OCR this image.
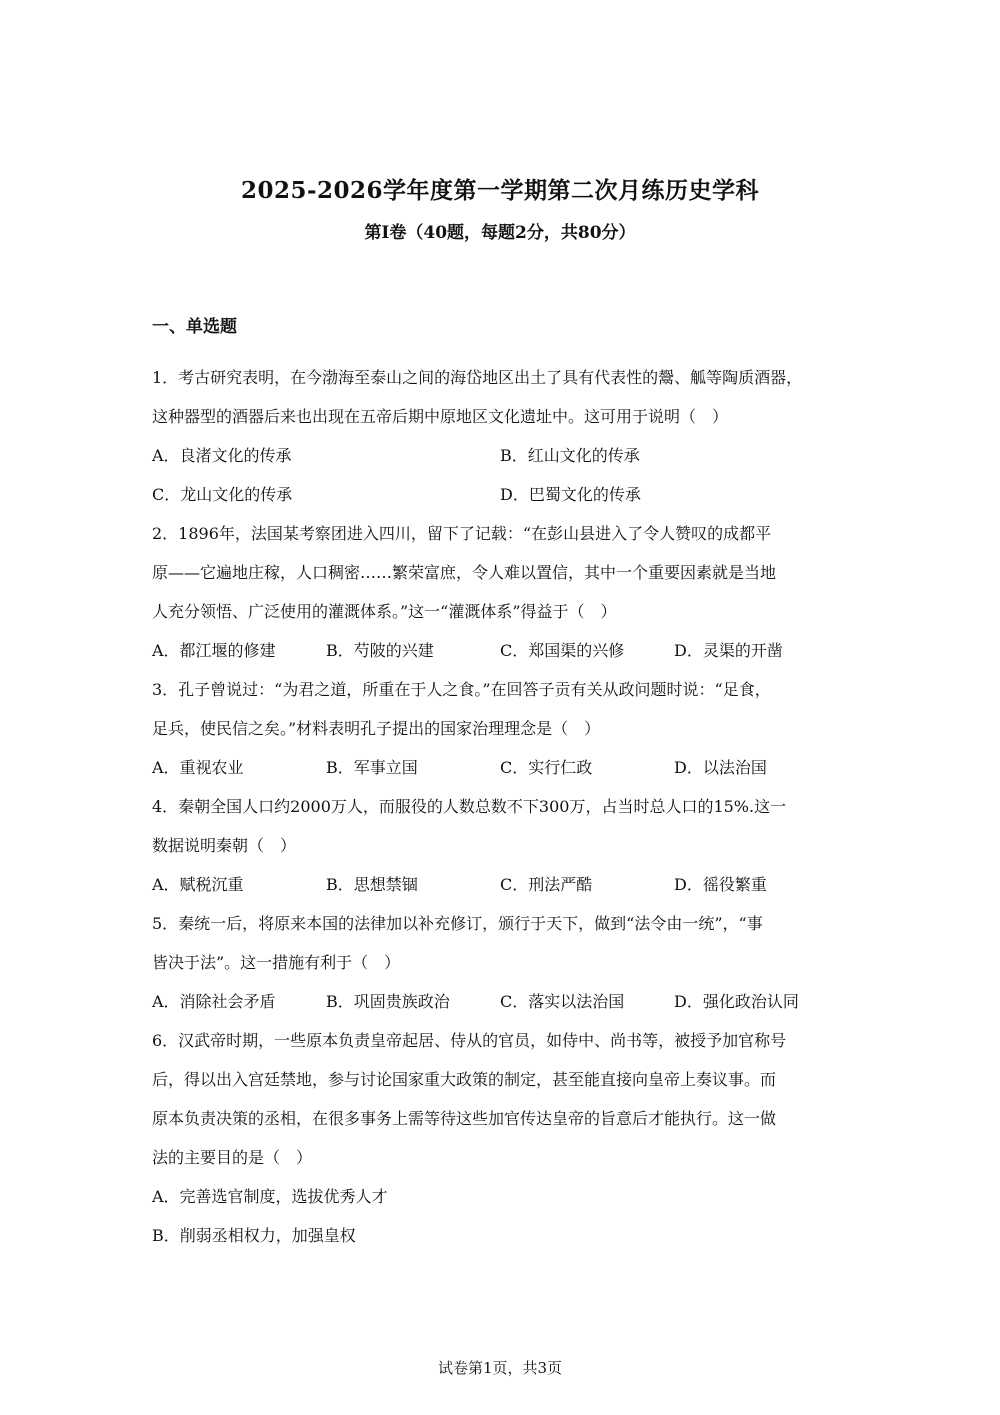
2025-2026学年度第一学期第二次月练历史学科
第Ⅰ卷（40题，每题2分，共80分）
一、单选题
1．考古研究表明，在今渤海至泰山之间的海岱地区出土了具有代表性的鬶、觚等陶质酒器，
这种器型的酒器后来也出现在五帝后期中原地区文化遗址中。这可用于说明（　）
A．良渚文化的传承	B．红山文化的传承
C．龙山文化的传承	D．巴蜀文化的传承
2．1896年，法国某考察团进入四川，留下了记载：“在彭山县进入了令人赞叹的成都平
原——它遍地庄稼，人口稠密……繁荣富庶，令人难以置信，其中一个重要因素就是当地
人充分领悟、广泛使用的灌溉体系。”这一“灌溉体系”得益于（　）
A．都江堰的修建	B．芍陂的兴建	C．郑国渠的兴修	D．灵渠的开凿
3．孔子曾说过：“为君之道，所重在于人之食。”在回答子贡有关从政问题时说：“足食，
足兵，使民信之矣。”材料表明孔子提出的国家治理理念是（　）
A．重视农业	B．军事立国	C．实行仁政	D．以法治国
4．秦朝全国人口约2000万人，而服役的人数总数不下300万，占当时总人口的15%.这一
数据说明秦朝（　）
A．赋税沉重	B．思想禁锢	C．刑法严酷	D．徭役繁重
5．秦统一后，将原来本国的法律加以补充修订，颁行于天下，做到“法令由一统”，“事
皆决于法”。这一措施有利于（　）
A．消除社会矛盾	B．巩固贵族政治	C．落实以法治国	D．强化政治认同
6．汉武帝时期，一些原本负责皇帝起居、侍从的官员，如侍中、尚书等，被授予加官称号
后，得以出入宫廷禁地，参与讨论国家重大政策的制定，甚至能直接向皇帝上奏议事。而
原本负责决策的丞相，在很多事务上需等待这些加官传达皇帝的旨意后才能执行。这一做
法的主要目的是（　）
A．完善选官制度，选拔优秀人才
B．削弱丞相权力，加强皇权
试卷第1页，共3页
